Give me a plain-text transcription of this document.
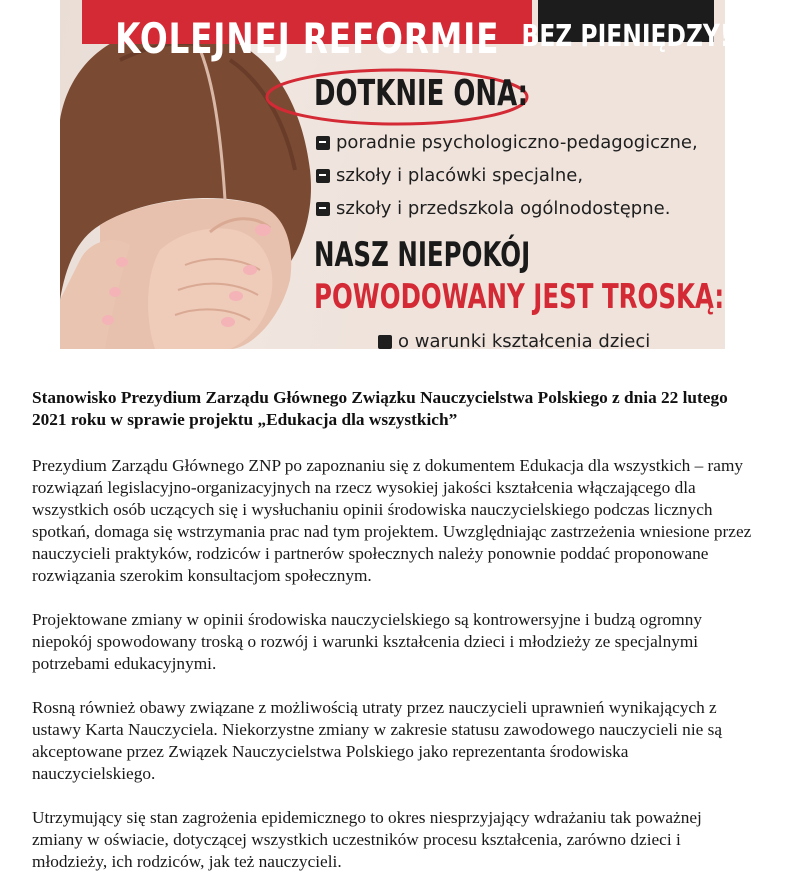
KOLEJNEJ REFORMIE BEZ PIENIĘDZY!
DOTKNIE ONA:
poradnie psychologiczno-pedagogiczne,
szkoły i placówki specjalne,
szkoły i przedszkola ogólnodostępne.
NASZ NIEPOKÓJ
POWODOWANY JEST TROSKĄ:
o warunki kształcenia dzieci

Stanowisko Prezydium Zarządu Głównego Związku Nauczycielstwa Polskiego z dnia 22 lutego 2021 roku w sprawie projektu „Edukacja dla wszystkich”

Prezydium Zarządu Głównego ZNP po zapoznaniu się z dokumentem Edukacja dla wszystkich – ramy rozwiązań legislacyjno-organizacyjnych na rzecz wysokiej jakości kształcenia włączającego dla wszystkich osób uczących się i wysłuchaniu opinii środowiska nauczycielskiego podczas licznych spotkań, domaga się wstrzymania prac nad tym projektem. Uwzględniając zastrzeżenia wniesione przez nauczycieli praktyków, rodziców i partnerów społecznych należy ponownie poddać proponowane rozwiązania szerokim konsultacjom społecznym.

Projektowane zmiany w opinii środowiska nauczycielskiego są kontrowersyjne i budzą ogromny niepokój spowodowany troską o rozwój i warunki kształcenia dzieci i młodzieży ze specjalnymi potrzebami edukacyjnymi.

Rosną również obawy związane z możliwością utraty przez nauczycieli uprawnień wynikających z ustawy Karta Nauczyciela. Niekorzystne zmiany w zakresie statusu zawodowego nauczycieli nie są akceptowane przez Związek Nauczycielstwa Polskiego jako reprezentanta środowiska nauczycielskiego.

Utrzymujący się stan zagrożenia epidemicznego to okres niesprzyjający wdrażaniu tak poważnej zmiany w oświacie, dotyczącej wszystkich uczestników procesu kształcenia, zarówno dzieci i młodzieży, ich rodziców, jak też nauczycieli.
